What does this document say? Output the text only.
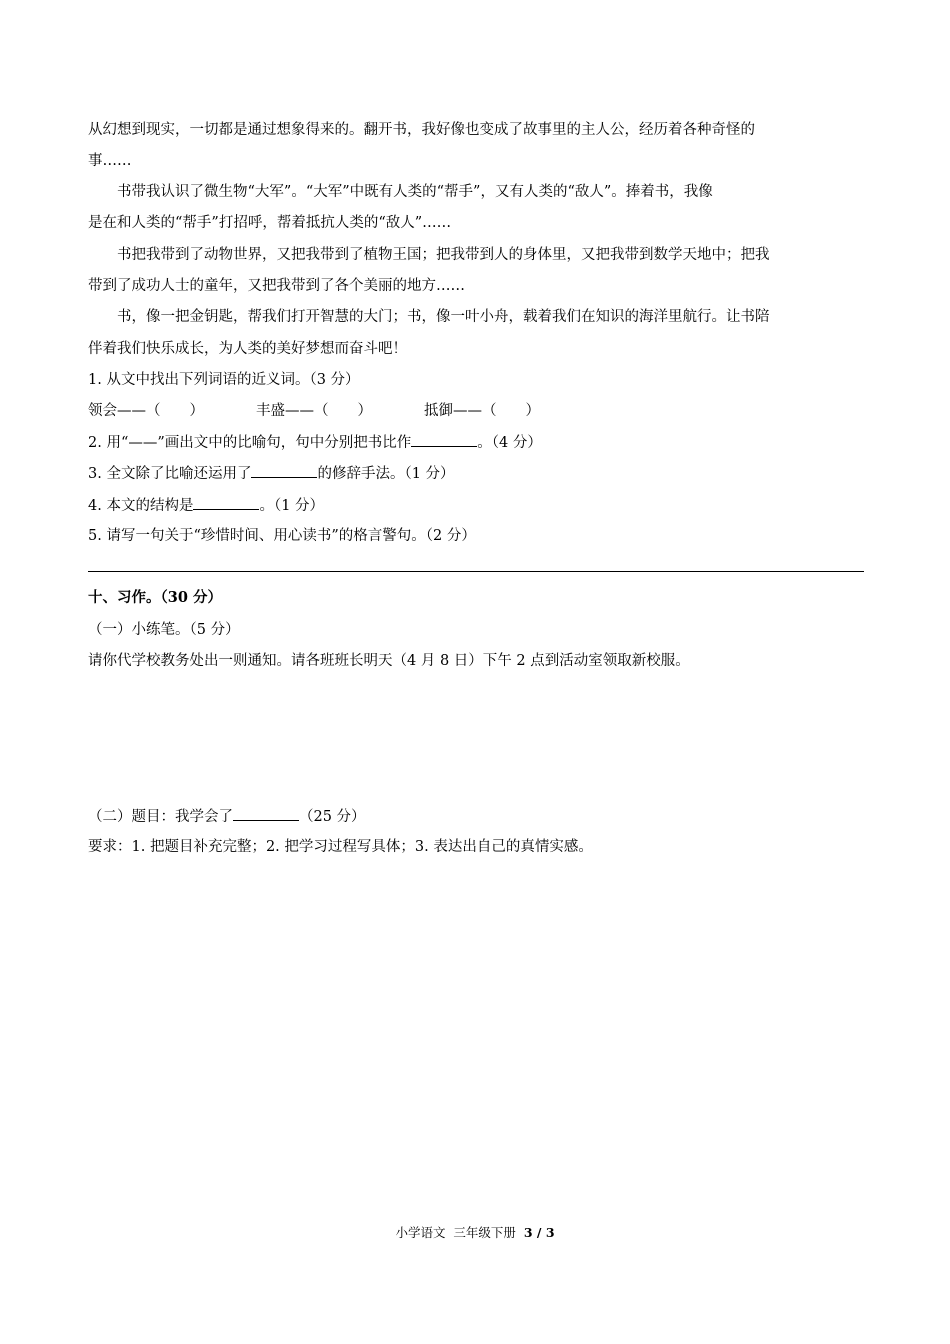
从幻想到现实，一切都是通过想象得来的。翻开书，我好像也变成了故事里的主人公，经历着各种奇怪的
事……
书带我认识了微生物“大军”。“大军”中既有人类的“帮手”，又有人类的“敌人”。捧着书，我像
是在和人类的“帮手”打招呼，帮着抵抗人类的“敌人”……
书把我带到了动物世界，又把我带到了植物王国；把我带到人的身体里，又把我带到数学天地中；把我
带到了成功人士的童年，又把我带到了各个美丽的地方……
书，像一把金钥匙，帮我们打开智慧的大门；书，像一叶小舟，载着我们在知识的海洋里航行。让书陪
伴着我们快乐成长，为人类的美好梦想而奋斗吧！
1. 从文中找出下列词语的近义词。（3 分）
领会——（　　）	丰盛——（　　）	抵御——（　　）
2. 用“——”画出文中的比喻句，句中分别把书比作	。（4 分）
3. 全文除了比喻还运用了	的修辞手法。（1 分）
4. 本文的结构是	。（1 分）
5. 请写一句关于“珍惜时间、用心读书”的格言警句。（2 分）
十、习作。（30 分）
（一）小练笔。（5 分）
请你代学校教务处出一则通知。请各班班长明天（4 月 8 日）下午 2 点到活动室领取新校服。
（二）题目：我学会了	（25 分）
要求：1. 把题目补充完整；2. 把学习过程写具体；3. 表达出自己的真情实感。
小学语文  三年级下册  3 / 3
